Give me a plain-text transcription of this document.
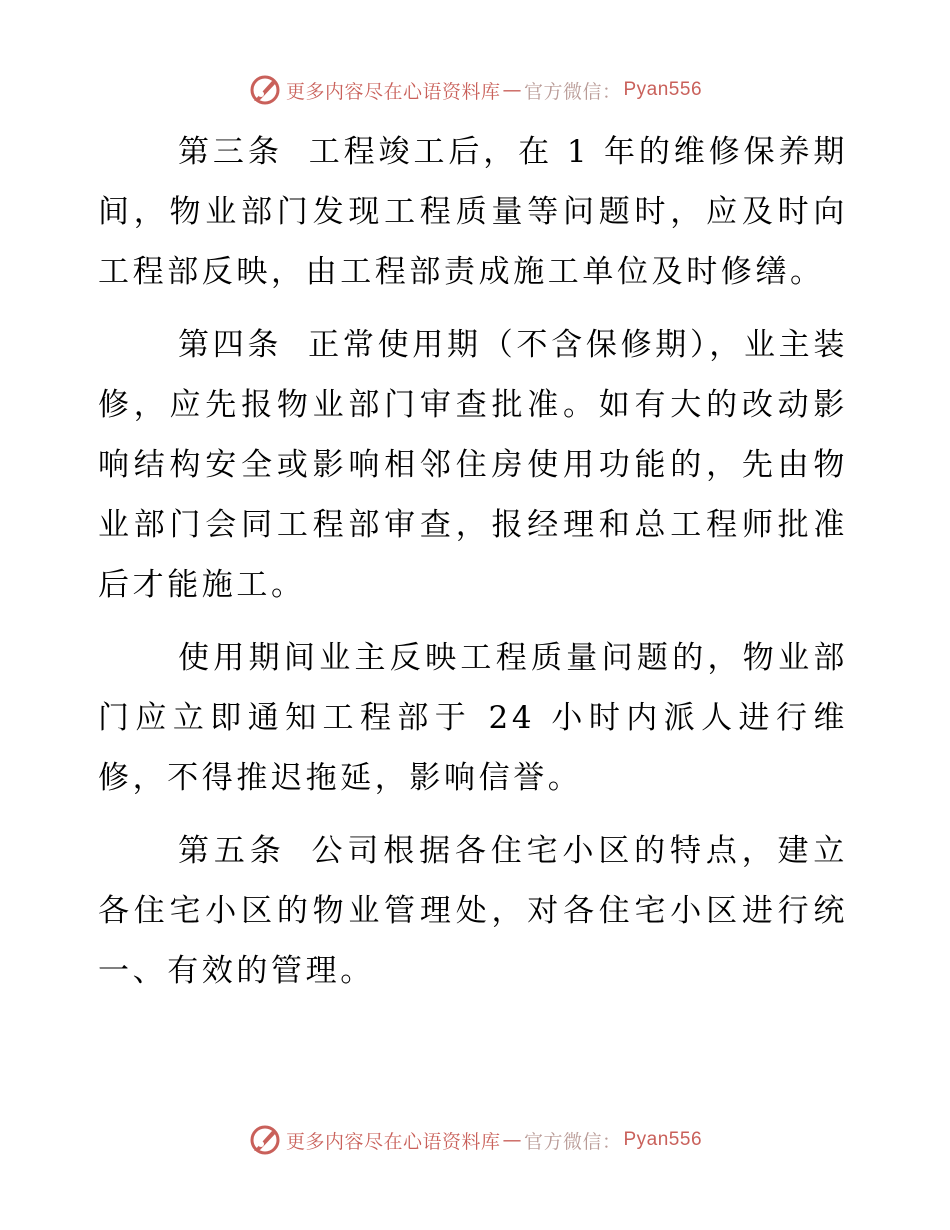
更多内容尽在心语资料库 — 官方微信： Pyan556

第三条 工程竣工后，在 1 年的维修保养期间，物业部门发现工程质量等问题时，应及时向工程部反映，由工程部责成施工单位及时修缮。

第四条 正常使用期（不含保修期），业主装修，应先报物业部门审查批准。如有大的改动影响结构安全或影响相邻住房使用功能的，先由物业部门会同工程部审查，报经理和总工程师批准后才能施工。

使用期间业主反映工程质量问题的，物业部门应立即通知工程部于 24 小时内派人进行维修，不得推迟拖延，影响信誉。

第五条 公司根据各住宅小区的特点，建立各住宅小区的物业管理处，对各住宅小区进行统一、有效的管理。

更多内容尽在心语资料库 — 官方微信： Pyan556
